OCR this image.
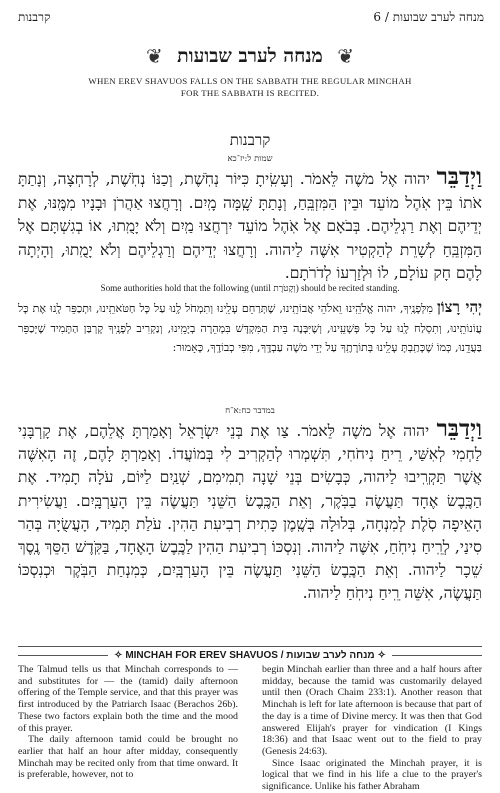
6 / מנחה לערב שבועות
קרבנות
❦ מנחה לערב שבועות ❦
WHEN EREV SHAVUOS FALLS ON THE SABBATH THE REGULAR MINCHAH FOR THE SABBATH IS RECITED.
קרבנות
שמות ל:יז־כא
וַיְדַבֵּר יהוה אֶל משֶׁה לֵּאמֹר. וְעָשִֽׂיתָ כִּיּוֹר נְחֹֽשֶׁת, וְכַנּוֹ נְחֹֽשֶׁת, לְרָחְצָה, וְנָתַתָּ אֹתוֹ בֵּין אֹֽהֶל מוֹעֵד וּבֵין הַמִּזְבֵּֽחַ, וְנָתַתָּ שָֽׁמָּה מָֽיִם. וְרָחֲצוּ אַהֲרֹן וּבָנָיו מִמֶּֽנּוּ, אֶת יְדֵיהֶם וְאֶת רַגְלֵיהֶם. בְּבֹאָם אֶל אֹֽהֶל מוֹעֵד יִרְחֲצוּ מַֽיִם וְלֹא יָמֻֽתוּ, אוֹ בְגִשְׁתָּם אֶל הַמִּזְבֵּֽחַ לְשָׁרֵת לְהַקְטִיר אִשֶּׁה לַיהוה. וְרָחֲצוּ יְדֵיהֶם וְרַגְלֵיהֶם וְלֹא יָמֻֽתוּ, וְהָיְתָה לָהֶם חָק עוֹלָם, לוֹ וּלְזַרְעוֹ לְדֹרֹתָם.
Some authorities hold that the following (until וְקָטֹרֶת) should be recited standing.
יְהִי רָצוֹן מִלְּפָנֶֽיךָ, יהוה אֱלֹהֵֽינוּ וֵאלֹהֵי אֲבוֹתֵֽינוּ, שֶׁתְּרַחֵם עָלֵֽינוּ וְתִמְחֹל לָֽנוּ עַל כָּל חַטֹּאתֵֽינוּ, וּתְכַפֵּר לָֽנוּ אֶת כָּל עֲוֹנוֹתֵֽינוּ, וְתִסְלַח לָֽנוּ עַל כָּל פְּשָׁעֵֽינוּ, וְשֶׁיִּבָּנֶה בֵּית הַמִּקְדָּשׁ בִּמְהֵרָה בְיָמֵֽינוּ, וְנַקְרִיב לְפָנֶֽיךָ קָרְבַּן הַתָּמִיד שֶׁיְּכַפֵּר בַּעֲדֵֽנוּ, כְּמוֹ שֶׁכָּתַֽבְתָּ עָלֵֽינוּ בְּתוֹרָתֶֽךָ עַל יְדֵי משֶׁה עַבְדֶּֽךָ, מִפִּי כְבוֹדֶֽךָ, כָּאָמוּר:
במדבר כח:א־ח
וַיְדַבֵּר יהוה אֶל משֶׁה לֵּאמֹר. צַו אֶת בְּנֵי יִשְׂרָאֵל וְאָמַרְתָּ אֲלֵהֶם, אֶת קָרְבָּנִי לַחְמִי לְאִשַּׁי, רֵיחַ נִיחֹחִי, תִּשְׁמְרוּ לְהַקְרִיב לִי בְּמוֹעֲדוֹ. וְאָמַרְתָּ לָהֶם, זֶה הָאִשֶּׁה אֲשֶׁר תַּקְרִֽיבוּ לַיהוה, כְּבָשִׂים בְּנֵי שָׁנָה תְמִימִם, שְׁנַֽיִם לַיּוֹם, עֹלָה תָמִיד. אֶת הַכֶּֽבֶשׂ אֶחָד תַּעֲשֶׂה בַבֹּֽקֶר, וְאֵת הַכֶּֽבֶשׂ הַשֵּׁנִי תַּעֲשֶׂה בֵּין הָעַרְבָּֽיִם. וַעֲשִׂירִית הָאֵיפָה סֹֽלֶת לְמִנְחָה, בְּלוּלָה בְּשֶֽׁמֶן כָּתִית רְבִיעִת הַהִין. עֹלַת תָּמִיד, הָעֲשֻׂיָה בְּהַר סִינַי, לְרֵֽיחַ נִיחֹֽחַ, אִשֶּׁה לַיהוה. וְנִסְכּוֹ רְבִיעִת הַהִין לַכֶּֽבֶשׂ הָאֶחָד, בַּקֹּֽדֶשׁ הַסֵּךְ נֶֽסֶךְ שֵׁכָר לַיהוה. וְאֵת הַכֶּֽבֶשׂ הַשֵּׁנִי תַּעֲשֶׂה בֵּין הָעַרְבָּֽיִם, כְּמִנְחַת הַבֹּֽקֶר וּכְנִסְכּוֹ תַּעֲשֶׂה, אִשֵּׁה רֵֽיחַ נִיחֹֽחַ לַיהוה.
✧ MINCHAH FOR EREV SHAVUOS / מנחה לערב שבועות ✧

The Talmud tells us that Minchah corresponds to — and substitutes for — the (tamid) daily afternoon offering of the Temple service, and that this prayer was first introduced by the Patriarch Isaac (Berachos 26b). These two factors explain both the time and the mood of this prayer.

The daily afternoon tamid could be brought no earlier that half an hour after midday, consequently Minchah may be recited only from that time onward. It is preferable, however, not to

begin Minchah earlier than three and a half hours after midday, because the tamid was customarily delayed until then (Orach Chaim 233:1). Another reason that Minchah is left for late afternoon is because that part of the day is a time of Divine mercy. It was then that God answered Elijah's prayer for vindication (I Kings 18:36) and that Isaac went out to the field to pray (Genesis 24:63).

Since Isaac originated the Minchah prayer, it is logical that we find in his life a clue to the prayer's significance. Unlike his father Abraham
